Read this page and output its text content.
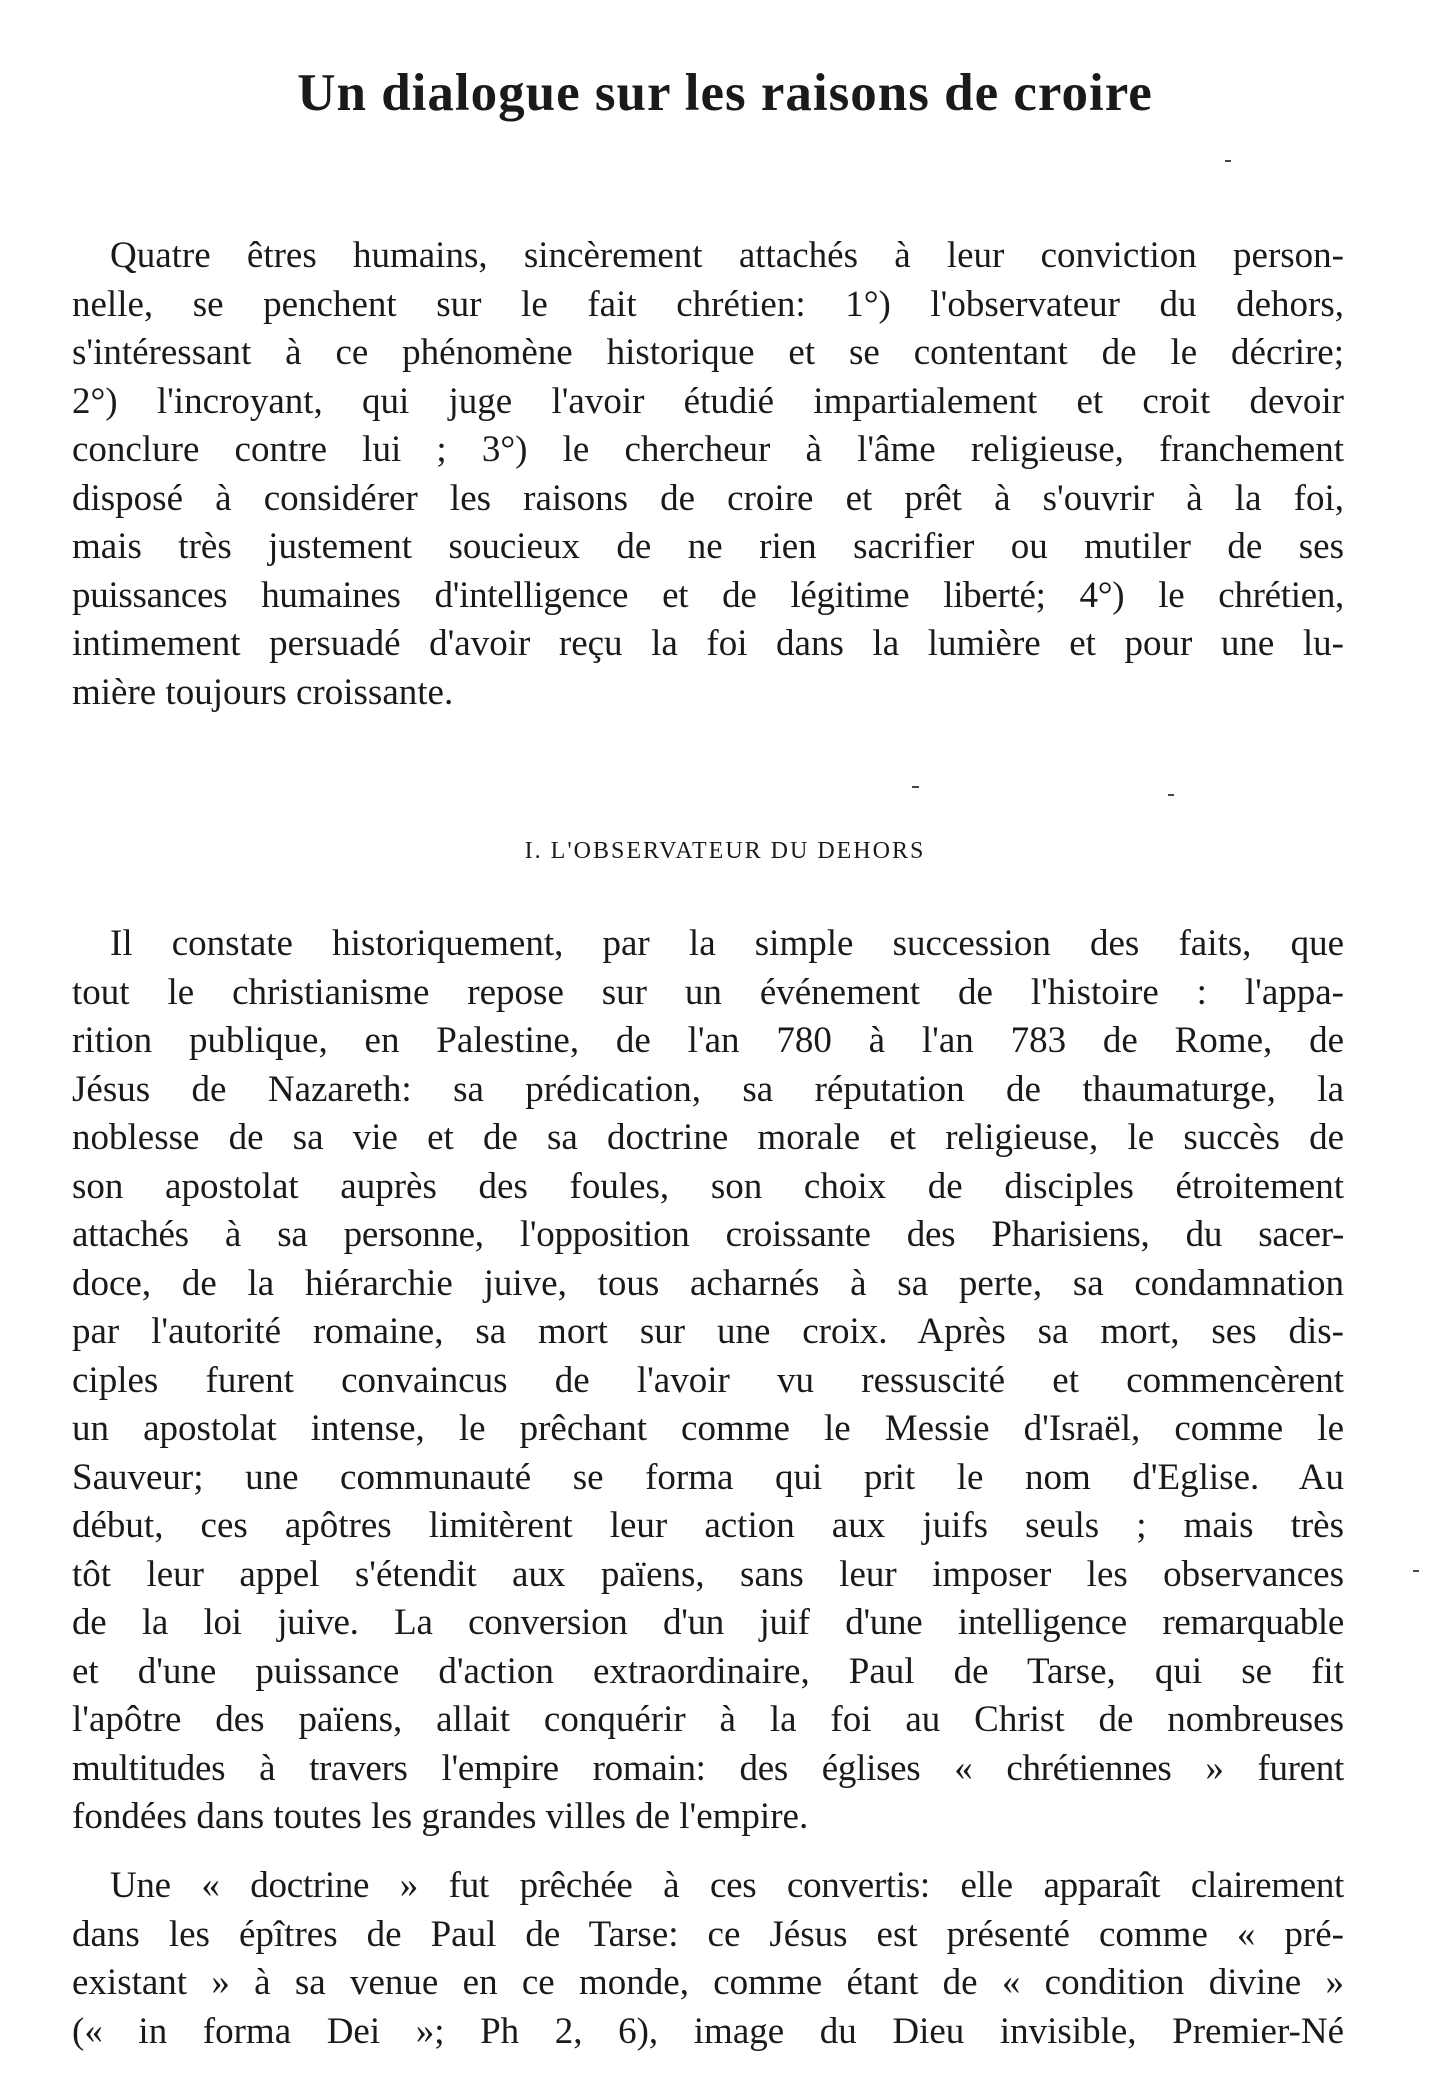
Un dialogue sur les raisons de croire
Quatre êtres humains, sincèrement attachés à leur conviction person-
nelle, se penchent sur le fait chrétien: 1°) l'observateur du dehors,
s'intéressant à ce phénomène historique et se contentant de le décrire;
2°) l'incroyant, qui juge l'avoir étudié impartialement et croit devoir
conclure contre lui ; 3°) le chercheur à l'âme religieuse, franchement
disposé à considérer les raisons de croire et prêt à s'ouvrir à la foi,
mais très justement soucieux de ne rien sacrifier ou mutiler de ses
puissances humaines d'intelligence et de légitime liberté; 4°) le chrétien,
intimement persuadé d'avoir reçu la foi dans la lumière et pour une lu-
mière toujours croissante.
I. L'OBSERVATEUR DU DEHORS
Il constate historiquement, par la simple succession des faits, que
tout le christianisme repose sur un événement de l'histoire : l'appa-
rition publique, en Palestine, de l'an 780 à l'an 783 de Rome, de
Jésus de Nazareth: sa prédication, sa réputation de thaumaturge, la
noblesse de sa vie et de sa doctrine morale et religieuse, le succès de
son apostolat auprès des foules, son choix de disciples étroitement
attachés à sa personne, l'opposition croissante des Pharisiens, du sacer-
doce, de la hiérarchie juive, tous acharnés à sa perte, sa condamnation
par l'autorité romaine, sa mort sur une croix. Après sa mort, ses dis-
ciples furent convaincus de l'avoir vu ressuscité et commencèrent
un apostolat intense, le prêchant comme le Messie d'Israël, comme le
Sauveur; une communauté se forma qui prit le nom d'Eglise. Au
début, ces apôtres limitèrent leur action aux juifs seuls ; mais très
tôt leur appel s'étendit aux païens, sans leur imposer les observances
de la loi juive. La conversion d'un juif d'une intelligence remarquable
et d'une puissance d'action extraordinaire, Paul de Tarse, qui se fit
l'apôtre des païens, allait conquérir à la foi au Christ de nombreuses
multitudes à travers l'empire romain: des églises « chrétiennes » furent
fondées dans toutes les grandes villes de l'empire.
Une « doctrine » fut prêchée à ces convertis: elle apparaît clairement
dans les épîtres de Paul de Tarse: ce Jésus est présenté comme « pré-
existant » à sa venue en ce monde, comme étant de « condition divine »
(« in forma Dei »; Ph 2, 6), image du Dieu invisible, Premier-Né
